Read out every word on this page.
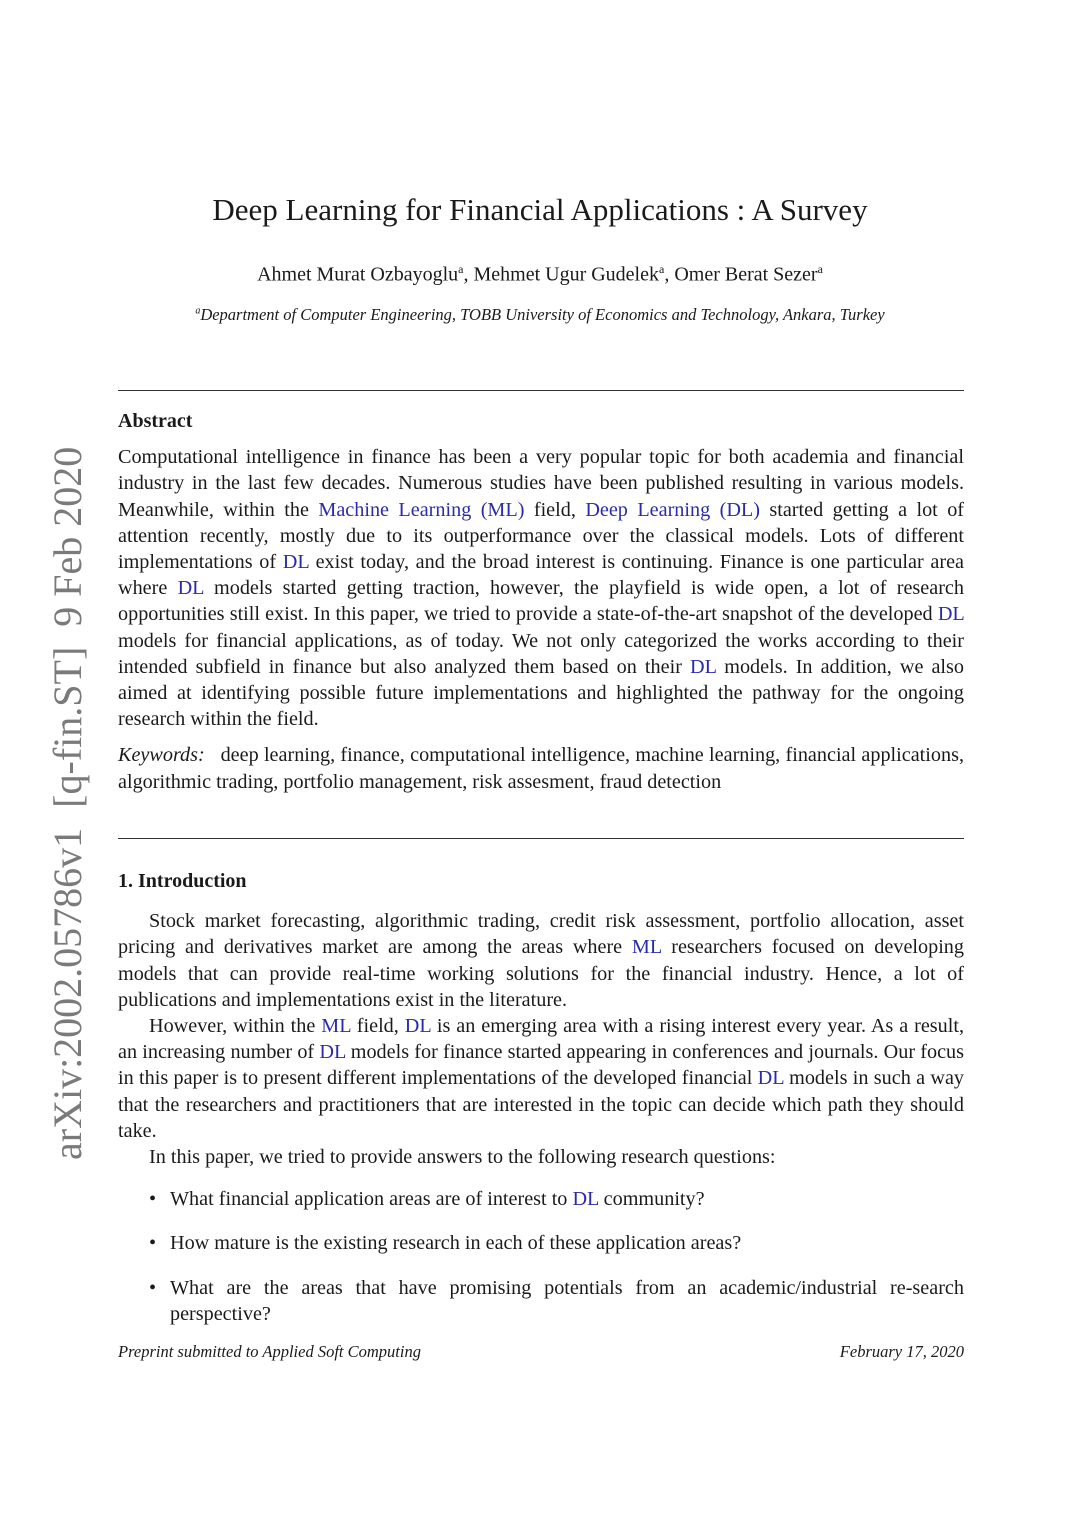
arXiv:2002.05786v1  [q-fin.ST]  9 Feb 2020
Deep Learning for Financial Applications : A Survey
Ahmet Murat Ozbayoglu$^a$, Mehmet Ugur Gudelek$^a$, Omer Berat Sezer$^a$
$^a$Department of Computer Engineering, TOBB University of Economics and Technology, Ankara, Turkey
Abstract

Computational intelligence in finance has been a very popular topic for both academia and financial industry in the last few decades. Numerous studies have been published resulting in various models. Meanwhile, within the Machine Learning (ML) field, Deep Learning (DL) started getting a lot of attention recently, mostly due to its outperformance over the classical models. Lots of different implementations of DL exist today, and the broad interest is continuing. Finance is one particular area where DL models started getting traction, however, the playfield is wide open, a lot of research opportunities still exist. In this paper, we tried to provide a state-of-the-art snapshot of the developed DL models for financial applications, as of today. We not only categorized the works according to their intended subfield in finance but also analyzed them based on their DL models. In addition, we also aimed at identifying possible future implementations and highlighted the pathway for the ongoing research within the field.

Keywords: deep learning, finance, computational intelligence, machine learning, financial applications, algorithmic trading, portfolio management, risk assesment, fraud detection

1. Introduction

Stock market forecasting, algorithmic trading, credit risk assessment, portfolio allocation, asset pricing and derivatives market are among the areas where ML researchers focused on developing models that can provide real-time working solutions for the financial industry. Hence, a lot of publications and implementations exist in the literature.

However, within the ML field, DL is an emerging area with a rising interest every year. As a result, an increasing number of DL models for finance started appearing in conferences and journals. Our focus in this paper is to present different implementations of the developed financial DL models in such a way that the researchers and practitioners that are interested in the topic can decide which path they should take.

In this paper, we tried to provide answers to the following research questions:

• What financial application areas are of interest to DL community?
• How mature is the existing research in each of these application areas?
• What are the areas that have promising potentials from an academic/industrial re-search perspective?
Preprint submitted to Applied Soft Computing	February 17, 2020
